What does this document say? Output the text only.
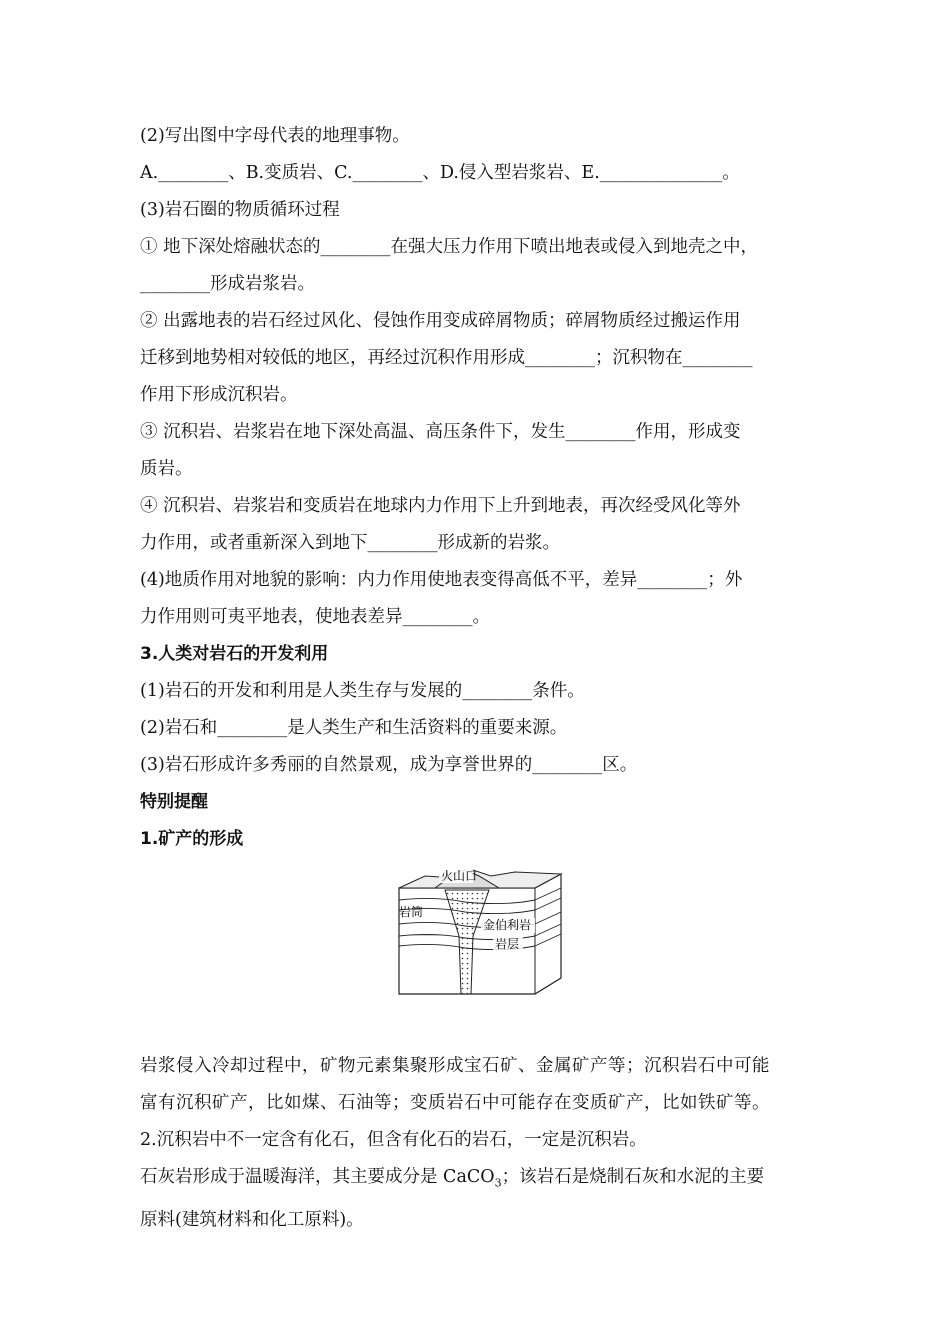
(2)写出图中字母代表的地理事物。

A.________、B.变质岩、C.________、D.侵入型岩浆岩、E.______________。

(3)岩石圈的物质循环过程

① 地下深处熔融状态的________在强大压力作用下喷出地表或侵入到地壳之中，

________形成岩浆岩。

② 出露地表的岩石经过风化、侵蚀作用变成碎屑物质；碎屑物质经过搬运作用

迁移到地势相对较低的地区，再经过沉积作用形成________；沉积物在________

作用下形成沉积岩。

③ 沉积岩、岩浆岩在地下深处高温、高压条件下，发生________作用，形成变

质岩。

④ 沉积岩、岩浆岩和变质岩在地球内力作用下上升到地表，再次经受风化等外

力作用，或者重新深入到地下________形成新的岩浆。

(4)地质作用对地貌的影响：内力作用使地表变得高低不平，差异________；外

力作用则可夷平地表，使地表差异________。

3.人类对岩石的开发利用

(1)岩石的开发和利用是人类生存与发展的________条件。

(2)岩石和________是人类生产和生活资料的重要来源。

(3)岩石形成许多秀丽的自然景观，成为享誉世界的________区。

特别提醒

1.矿产的形成

火山口
岩筒
金伯利岩
岩层

岩浆侵入冷却过程中，矿物元素集聚形成宝石矿、金属矿产等；沉积岩石中可能

富有沉积矿产，比如煤、石油等；变质岩石中可能存在变质矿产，比如铁矿等。

2.沉积岩中不一定含有化石，但含有化石的岩石，一定是沉积岩。

石灰岩形成于温暖海洋，其主要成分是 CaCO$_3$；该岩石是烧制石灰和水泥的主要

原料(建筑材料和化工原料)。
